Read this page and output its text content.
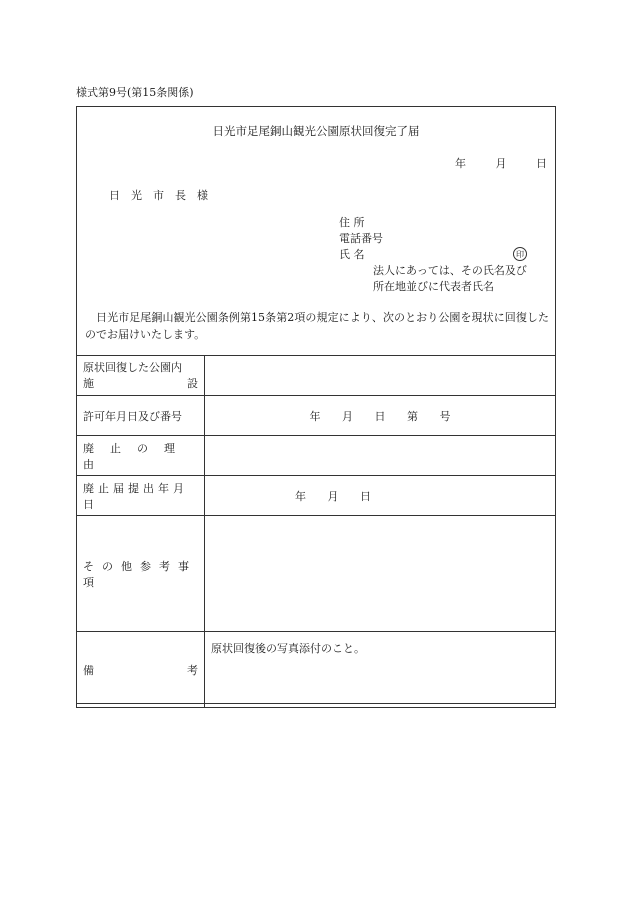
様式第9号(第15条関係)
日光市足尾銅山観光公園原状回復完了届
年	月	日
日光市長様
住 所
電話番号
氏 名	印
法人にあっては、その氏名及び
所在地並びに代表者氏名
日光市足尾銅山観光公園条例第15条第2項の規定により、次のとおり公園を現状に回復したのでお届けいたします。
原状回復した公園内
施 設	

許可年月日及び番号	年 月 日 第 号
廃止の理由	
廃止届提出年月日	年 月 日
その他参考事項	

備 考	原状回復後の写真添付のこと。
